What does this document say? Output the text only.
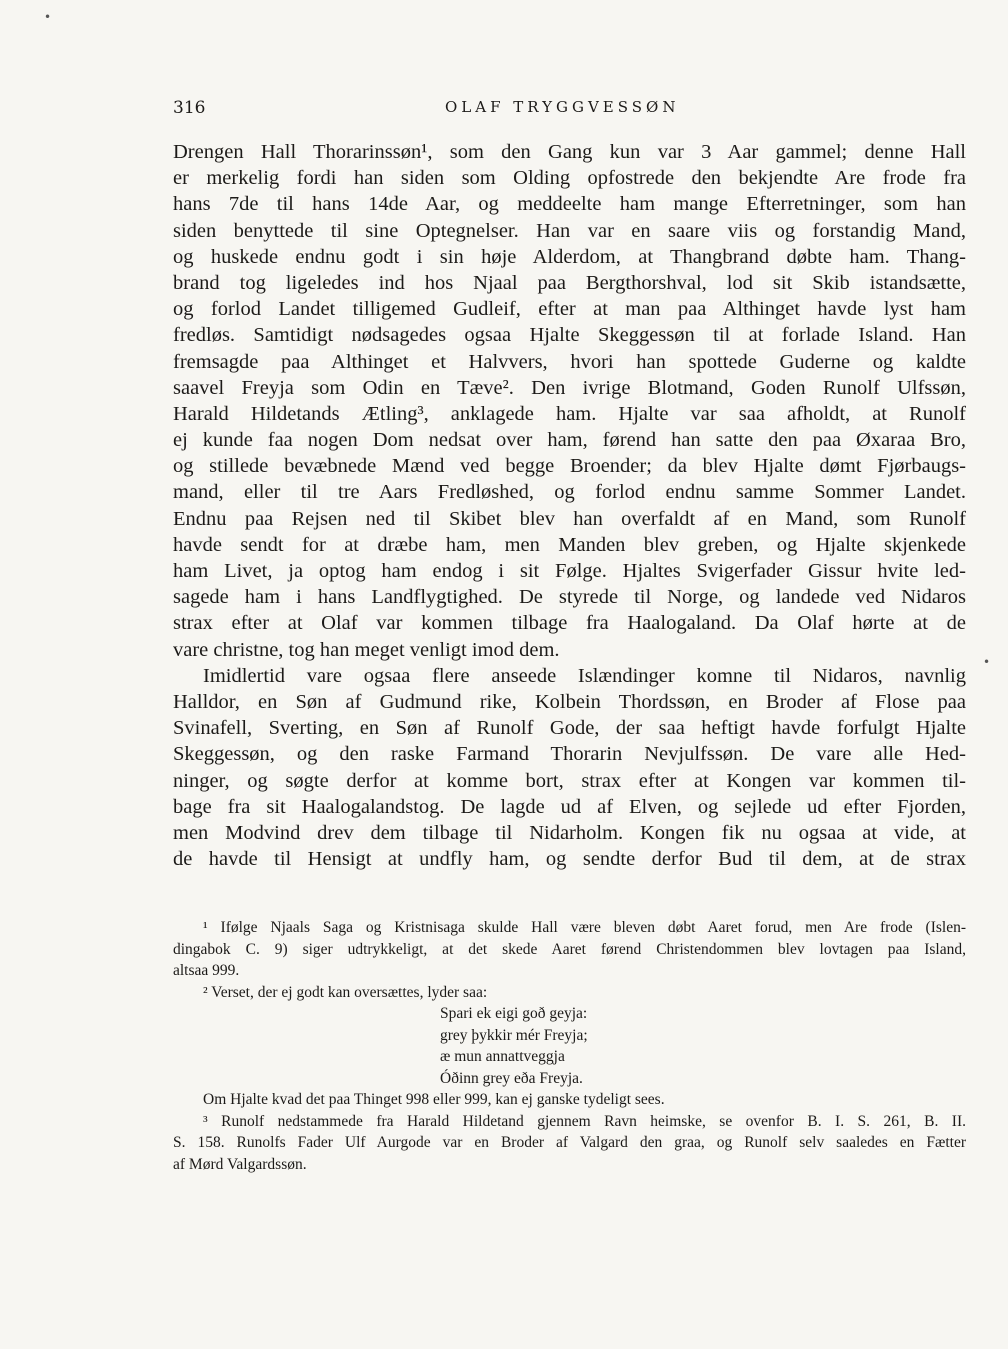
•
•
316	OLAF TRYGGVESSØN
Drengen Hall Thorarinssøn¹, som den Gang kun var 3 Aar gammel; denne Hall
er merkelig fordi han siden som Olding opfostrede den bekjendte Are frode fra
hans 7de til hans 14de Aar, og meddeelte ham mange Efterretninger, som han
siden benyttede til sine Optegnelser. Han var en saare viis og forstandig Mand,
og huskede endnu godt i sin høje Alderdom, at Thangbrand døbte ham. Thang-
brand tog ligeledes ind hos Njaal paa Bergthorshval, lod sit Skib istandsætte,
og forlod Landet tilligemed Gudleif, efter at man paa Althinget havde lyst ham
fredløs. Samtidigt nødsagedes ogsaa Hjalte Skeggessøn til at forlade Island. Han
fremsagde paa Althinget et Halvvers, hvori han spottede Guderne og kaldte
saavel Freyja som Odin en Tæve². Den ivrige Blotmand, Goden Runolf Ulfssøn,
Harald Hildetands Ætling³, anklagede ham. Hjalte var saa afholdt, at Runolf
ej kunde faa nogen Dom nedsat over ham, førend han satte den paa Øxaraa Bro,
og stillede bevæbnede Mænd ved begge Broender; da blev Hjalte dømt Fjørbaugs-
mand, eller til tre Aars Fredløshed, og forlod endnu samme Sommer Landet.
Endnu paa Rejsen ned til Skibet blev han overfaldt af en Mand, som Runolf
havde sendt for at dræbe ham, men Manden blev greben, og Hjalte skjenkede
ham Livet, ja optog ham endog i sit Følge. Hjaltes Svigerfader Gissur hvite led-
sagede ham i hans Landflygtighed. De styrede til Norge, og landede ved Nidaros
strax efter at Olaf var kommen tilbage fra Haalogaland. Da Olaf hørte at de
vare christne, tog han meget venligt imod dem.
Imidlertid vare ogsaa flere anseede Islændinger komne til Nidaros, navnlig
Halldor, en Søn af Gudmund rike, Kolbein Thordssøn, en Broder af Flose paa
Svinafell, Sverting, en Søn af Runolf Gode, der saa heftigt havde forfulgt Hjalte
Skeggessøn, og den raske Farmand Thorarin Nevjulfssøn. De vare alle Hed-
ninger, og søgte derfor at komme bort, strax efter at Kongen var kommen til-
bage fra sit Haalogalandstog. De lagde ud af Elven, og sejlede ud efter Fjorden,
men Modvind drev dem tilbage til Nidarholm. Kongen fik nu ogsaa at vide, at
de havde til Hensigt at undfly ham, og sendte derfor Bud til dem, at de strax
¹ Ifølge Njaals Saga og Kristnisaga skulde Hall være bleven døbt Aaret forud, men Are frode (Islen-
dingabok C. 9) siger udtrykkeligt, at det skede Aaret førend Christendommen blev lovtagen paa Island,
altsaa 999.
² Verset, der ej godt kan oversættes, lyder saa:
Spari ek eigi goð geyja:
grey þykkir mér Freyja;
æ mun annattveggja
Óðinn grey eða Freyja.
Om Hjalte kvad det paa Thinget 998 eller 999, kan ej ganske tydeligt sees.
³ Runolf nedstammede fra Harald Hildetand gjennem Ravn heimske, se ovenfor B. I. S. 261, B. II.
S. 158. Runolfs Fader Ulf Aurgode var en Broder af Valgard den graa, og Runolf selv saaledes en Fætter
af Mørd Valgardssøn.
